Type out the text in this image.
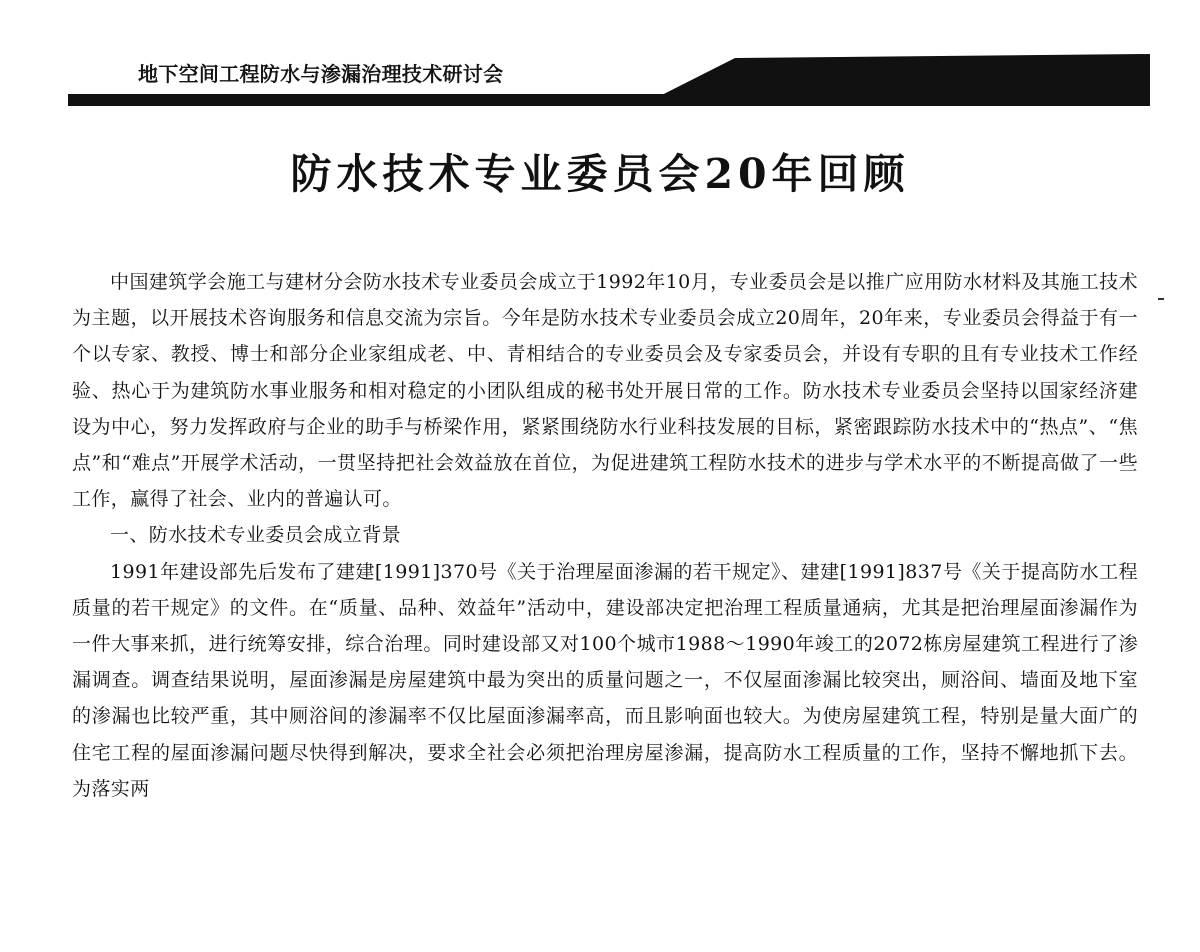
地下空间工程防水与渗漏治理技术研讨会
防水技术专业委员会20年回顾

中国建筑学会施工与建材分会防水技术专业委员会成立于1992年10月，专业委员会是以推广应用防水材料及其施工技术为主题，以开展技术咨询服务和信息交流为宗旨。今年是防水技术专业委员会成立20周年，20年来，专业委员会得益于有一个以专家、教授、博士和部分企业家组成老、中、青相结合的专业委员会及专家委员会，并设有专职的且有专业技术工作经验、热心于为建筑防水事业服务和相对稳定的小团队组成的秘书处开展日常的工作。防水技术专业委员会坚持以国家经济建设为中心，努力发挥政府与企业的助手与桥梁作用，紧紧围绕防水行业科技发展的目标，紧密跟踪防水技术中的“热点”、“焦点”和“难点”开展学术活动，一贯坚持把社会效益放在首位，为促进建筑工程防水技术的进步与学术水平的不断提高做了一些工作，赢得了社会、业内的普遍认可。

一、防水技术专业委员会成立背景

1991年建设部先后发布了建建[1991]370号《关于治理屋面渗漏的若干规定》、建建[1991]837号《关于提高防水工程质量的若干规定》的文件。在“质量、品种、效益年”活动中，建设部决定把治理工程质量通病，尤其是把治理屋面渗漏作为一件大事来抓，进行统筹安排，综合治理。同时建设部又对100个城市1988～1990年竣工的2072栋房屋建筑工程进行了渗漏调查。调查结果说明，屋面渗漏是房屋建筑中最为突出的质量问题之一，不仅屋面渗漏比较突出，厕浴间、墙面及地下室的渗漏也比较严重，其中厕浴间的渗漏率不仅比屋面渗漏率高，而且影响面也较大。为使房屋建筑工程，特别是量大面广的住宅工程的屋面渗漏问题尽快得到解决，要求全社会必须把治理房屋渗漏，提高防水工程质量的工作，坚持不懈地抓下去。为落实两
